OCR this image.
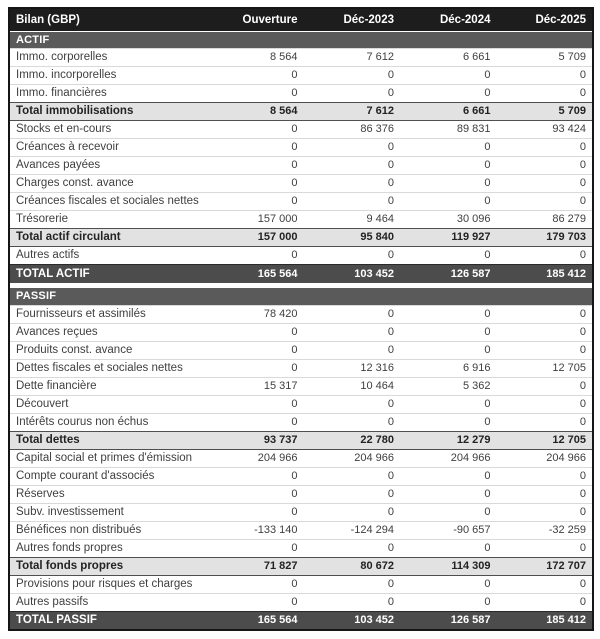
Bilan (GBP)	Ouverture	Déc-2023	Déc-2024	Déc-2025
ACTIF				
Immo. corporelles	8 564	7 612	6 661	5 709
Immo. incorporelles	0	0	0	0
Immo. financières	0	0	0	0
Total immobilisations	8 564	7 612	6 661	5 709
Stocks et en-cours	0	86 376	89 831	93 424
Créances à recevoir	0	0	0	0
Avances payées	0	0	0	0
Charges const. avance	0	0	0	0
Créances fiscales et sociales nettes	0	0	0	0
Trésorerie	157 000	9 464	30 096	86 279
Total actif circulant	157 000	95 840	119 927	179 703
Autres actifs	0	0	0	0
TOTAL ACTIF	165 564	103 452	126 587	185 412

PASSIF				
Fournisseurs et assimilés	78 420	0	0	0
Avances reçues	0	0	0	0
Produits const. avance	0	0	0	0
Dettes fiscales et sociales nettes	0	12 316	6 916	12 705
Dette financière	15 317	10 464	5 362	0
Découvert	0	0	0	0
Intérêts courus non échus	0	0	0	0
Total dettes	93 737	22 780	12 279	12 705
Capital social et primes d'émission	204 966	204 966	204 966	204 966
Compte courant d'associés	0	0	0	0
Réserves	0	0	0	0
Subv. investissement	0	0	0	0
Bénéfices non distribués	-133 140	-124 294	-90 657	-32 259
Autres fonds propres	0	0	0	0
Total fonds propres	71 827	80 672	114 309	172 707
Provisions pour risques et charges	0	0	0	0
Autres passifs	0	0	0	0
TOTAL PASSIF	165 564	103 452	126 587	185 412
